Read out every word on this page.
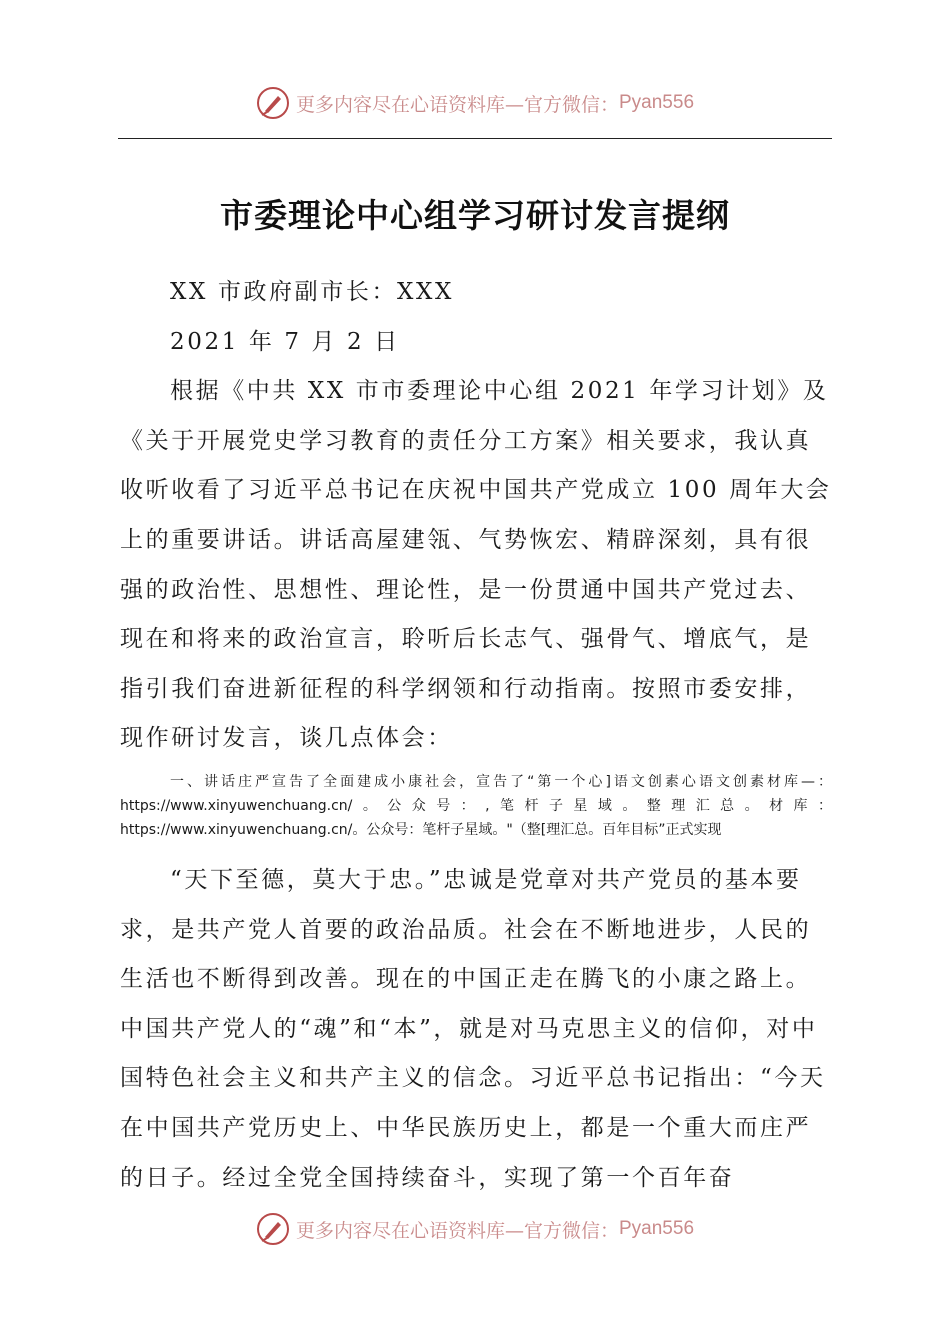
更多内容尽在心语资料库—官方微信： Pyan556
市委理论中心组学习研讨发言提纲

XX 市政府副市长：XXX

2021 年 7 月 2 日

根据《中共 XX 市市委理论中心组 2021 年学习计划》及《关于开展党史学习教育的责任分工方案》相关要求，我认真收听收看了习近平总书记在庆祝中国共产党成立 100 周年大会上的重要讲话。讲话高屋建瓴、气势恢宏、精辟深刻，具有很强的政治性、思想性、理论性，是一份贯通中国共产党过去、现在和将来的政治宣言，聆听后长志气、强骨气、增底气，是指引我们奋进新征程的科学纲领和行动指南。按照市委安排，现作研讨发言，谈几点体会：

一、讲话庄严宣告了全面建成小康社会，宣告了“第一个心]语文创素心语文创素材库—：https://www.xinyuwenchuang.cn/。公众号：,笔杆子星域。整理汇总。材库：https://www.xinyuwenchuang.cn/。公众号：笔杆子星域。"（整[理汇总。百年目标”正式实现

“天下至德，莫大于忠。”忠诚是党章对共产党员的基本要求，是共产党人首要的政治品质。社会在不断地进步，人民的生活也不断得到改善。现在的中国正走在腾飞的小康之路上。中国共产党人的“魂”和“本”，就是对马克思主义的信仰，对中国特色社会主义和共产主义的信念。习近平总书记指出：“今天在中国共产党历史上、中华民族历史上，都是一个重大而庄严的日子。经过全党全国持续奋斗，实现了第一个百年奋

更多内容尽在心语资料库—官方微信： Pyan556
